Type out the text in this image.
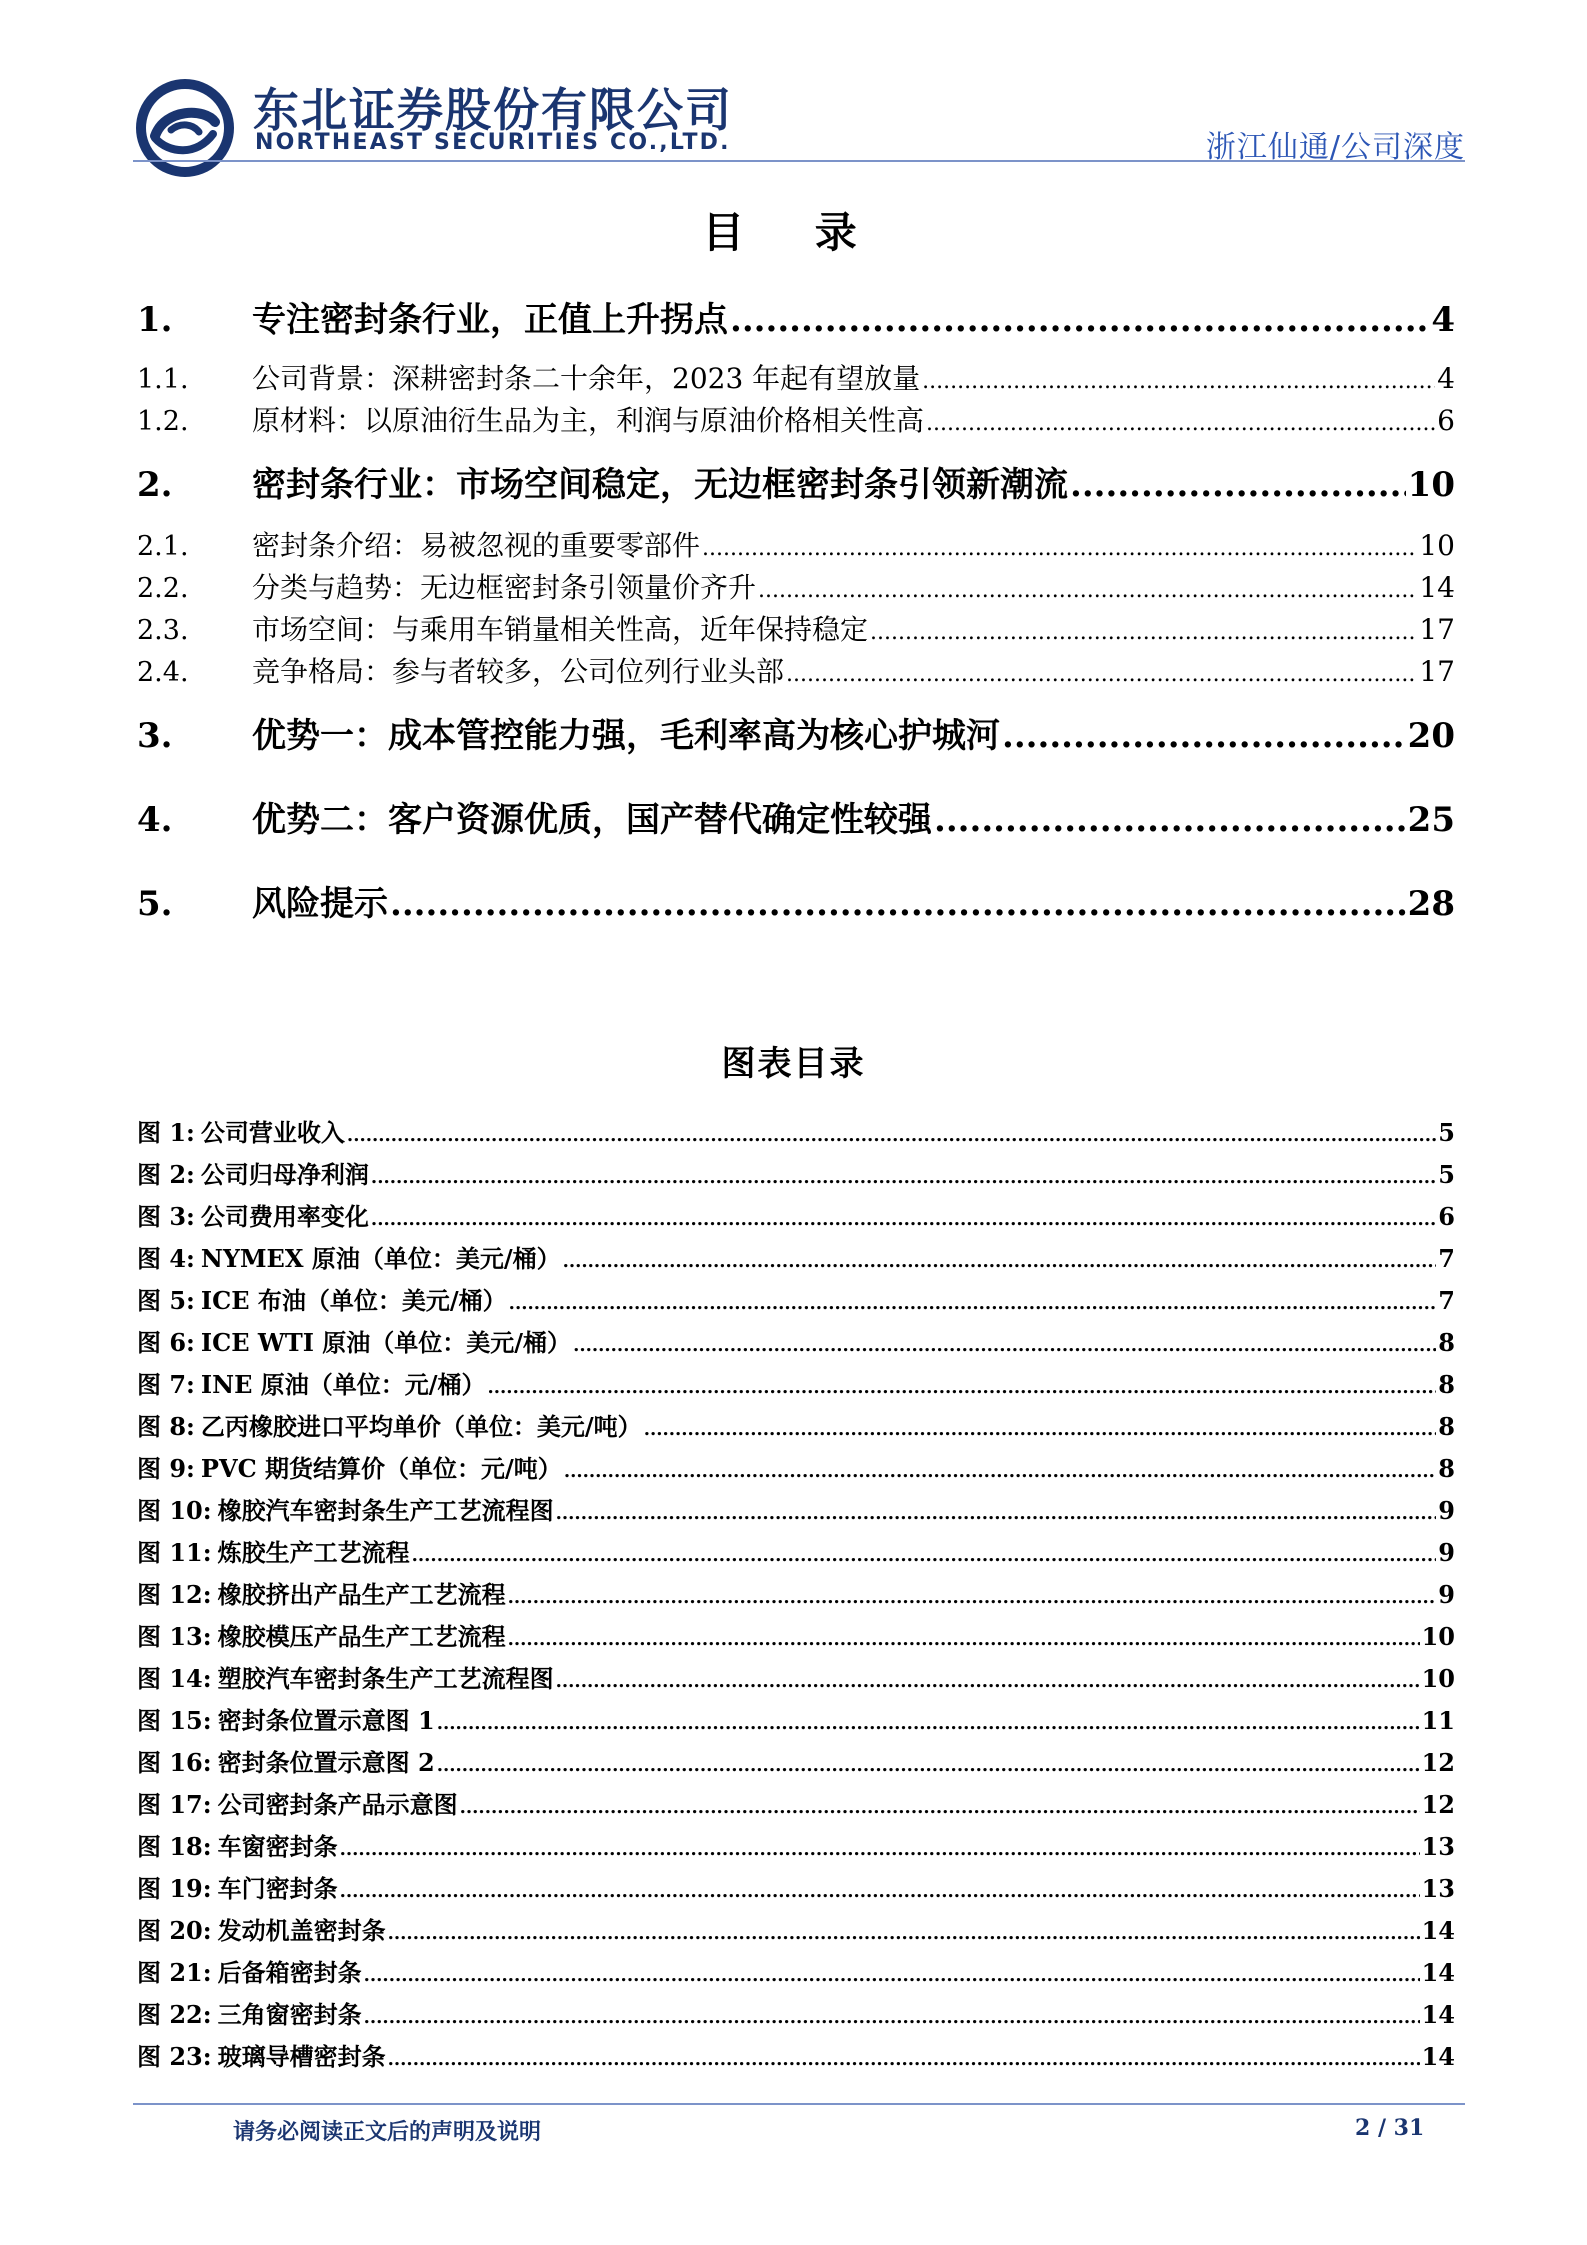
东北证券股份有限公司
NORTHEAST SECURITIES CO.,LTD.	浙江仙通/公司深度
目 录
1.	专注密封条行业，正值上升拐点 .....	4
1.1.	公司背景：深耕密封条二十余年，2023 年起有望放量 .....	4
1.2.	原材料：以原油衍生品为主，利润与原油价格相关性高 .....	6
2.	密封条行业：市场空间稳定，无边框密封条引领新潮流 .....	10
2.1.	密封条介绍：易被忽视的重要零部件 .....	10
2.2.	分类与趋势：无边框密封条引领量价齐升 .....	14
2.3.	市场空间：与乘用车销量相关性高，近年保持稳定 .....	17
2.4.	竞争格局：参与者较多，公司位列行业头部 .....	17
3.	优势一：成本管控能力强，毛利率高为核心护城河 .....	20
4.	优势二：客户资源优质，国产替代确定性较强 .....	25
5.	风险提示 .....	28
图表目录
图 1: 公司营业收入 .....	5
图 2: 公司归母净利润 .....	5
图 3: 公司费用率变化 .....	6
图 4: NYMEX 原油（单位：美元/桶） .....	7
图 5: ICE 布油（单位：美元/桶） .....	7
图 6: ICE WTI 原油（单位：美元/桶） .....	8
图 7: INE 原油（单位：元/桶） .....	8
图 8: 乙丙橡胶进口平均单价（单位：美元/吨） .....	8
图 9: PVC 期货结算价（单位：元/吨） .....	8
图 10: 橡胶汽车密封条生产工艺流程图 .....	9
图 11: 炼胶生产工艺流程 .....	9
图 12: 橡胶挤出产品生产工艺流程 .....	9
图 13: 橡胶模压产品生产工艺流程 .....	10
图 14: 塑胶汽车密封条生产工艺流程图 .....	10
图 15: 密封条位置示意图 1 .....	11
图 16: 密封条位置示意图 2 .....	12
图 17: 公司密封条产品示意图 .....	12
图 18: 车窗密封条 .....	13
图 19: 车门密封条 .....	13
图 20: 发动机盖密封条 .....	14
图 21: 后备箱密封条 .....	14
图 22: 三角窗密封条 .....	14
图 23: 玻璃导槽密封条 .....	14
请务必阅读正文后的声明及说明	2 / 31
